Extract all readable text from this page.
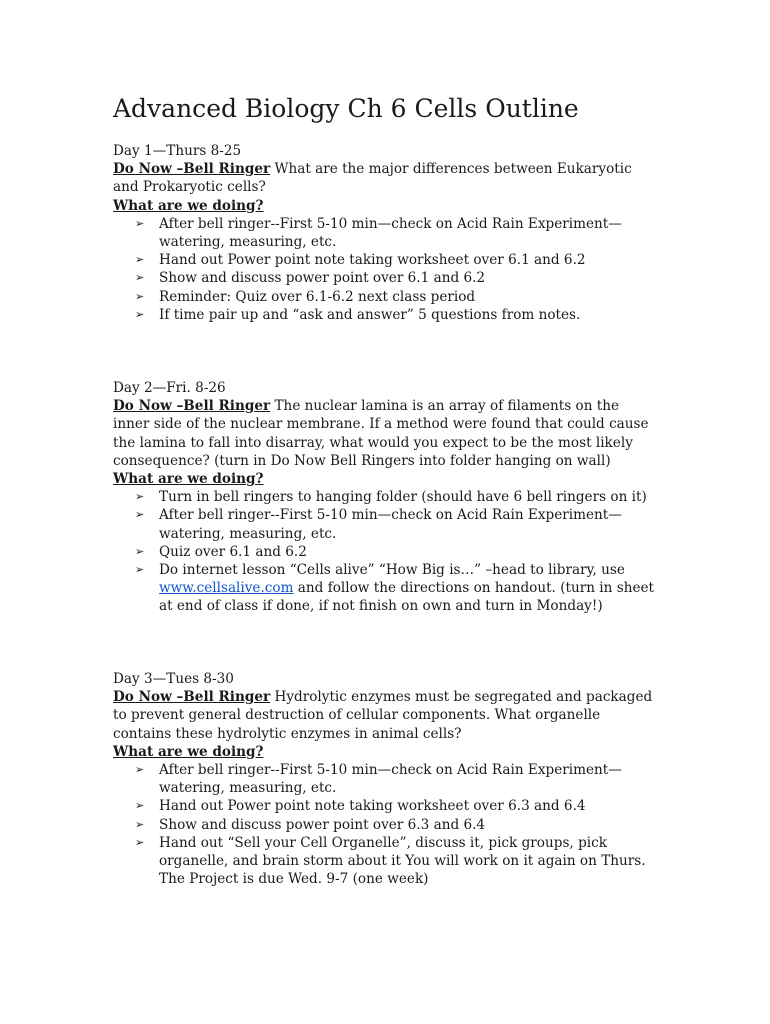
Advanced Biology Ch 6 Cells Outline
Day 1—Thurs 8-25
Do Now –Bell Ringer What are the major differences between Eukaryotic and Prokaryotic cells?
What are we doing?
➢ After bell ringer--First 5-10 min—check on Acid Rain Experiment—watering, measuring, etc.
➢ Hand out Power point note taking worksheet over 6.1 and 6.2
➢ Show and discuss power point over 6.1 and 6.2
➢ Reminder: Quiz over 6.1-6.2 next class period
➢ If time pair up and “ask and answer” 5 questions from notes.
Day 2—Fri. 8-26
Do Now –Bell Ringer The nuclear lamina is an array of filaments on the inner side of the nuclear membrane. If a method were found that could cause the lamina to fall into disarray, what would you expect to be the most likely consequence? (turn in Do Now Bell Ringers into folder hanging on wall)
What are we doing?
➢ Turn in bell ringers to hanging folder (should have 6 bell ringers on it)
➢ After bell ringer--First 5-10 min—check on Acid Rain Experiment—watering, measuring, etc.
➢ Quiz over 6.1 and 6.2
➢ Do internet lesson “Cells alive” “How Big is…” –head to library, use www.cellsalive.com and follow the directions on handout. (turn in sheet at end of class if done, if not finish on own and turn in Monday!)
Day 3—Tues 8-30
Do Now –Bell Ringer Hydrolytic enzymes must be segregated and packaged to prevent general destruction of cellular components. What organelle contains these hydrolytic enzymes in animal cells?
What are we doing?
➢ After bell ringer--First 5-10 min—check on Acid Rain Experiment—watering, measuring, etc.
➢ Hand out Power point note taking worksheet over 6.3 and 6.4
➢ Show and discuss power point over 6.3 and 6.4
➢ Hand out “Sell your Cell Organelle”, discuss it, pick groups, pick organelle, and brain storm about it You will work on it again on Thurs. The Project is due Wed. 9-7 (one week)
